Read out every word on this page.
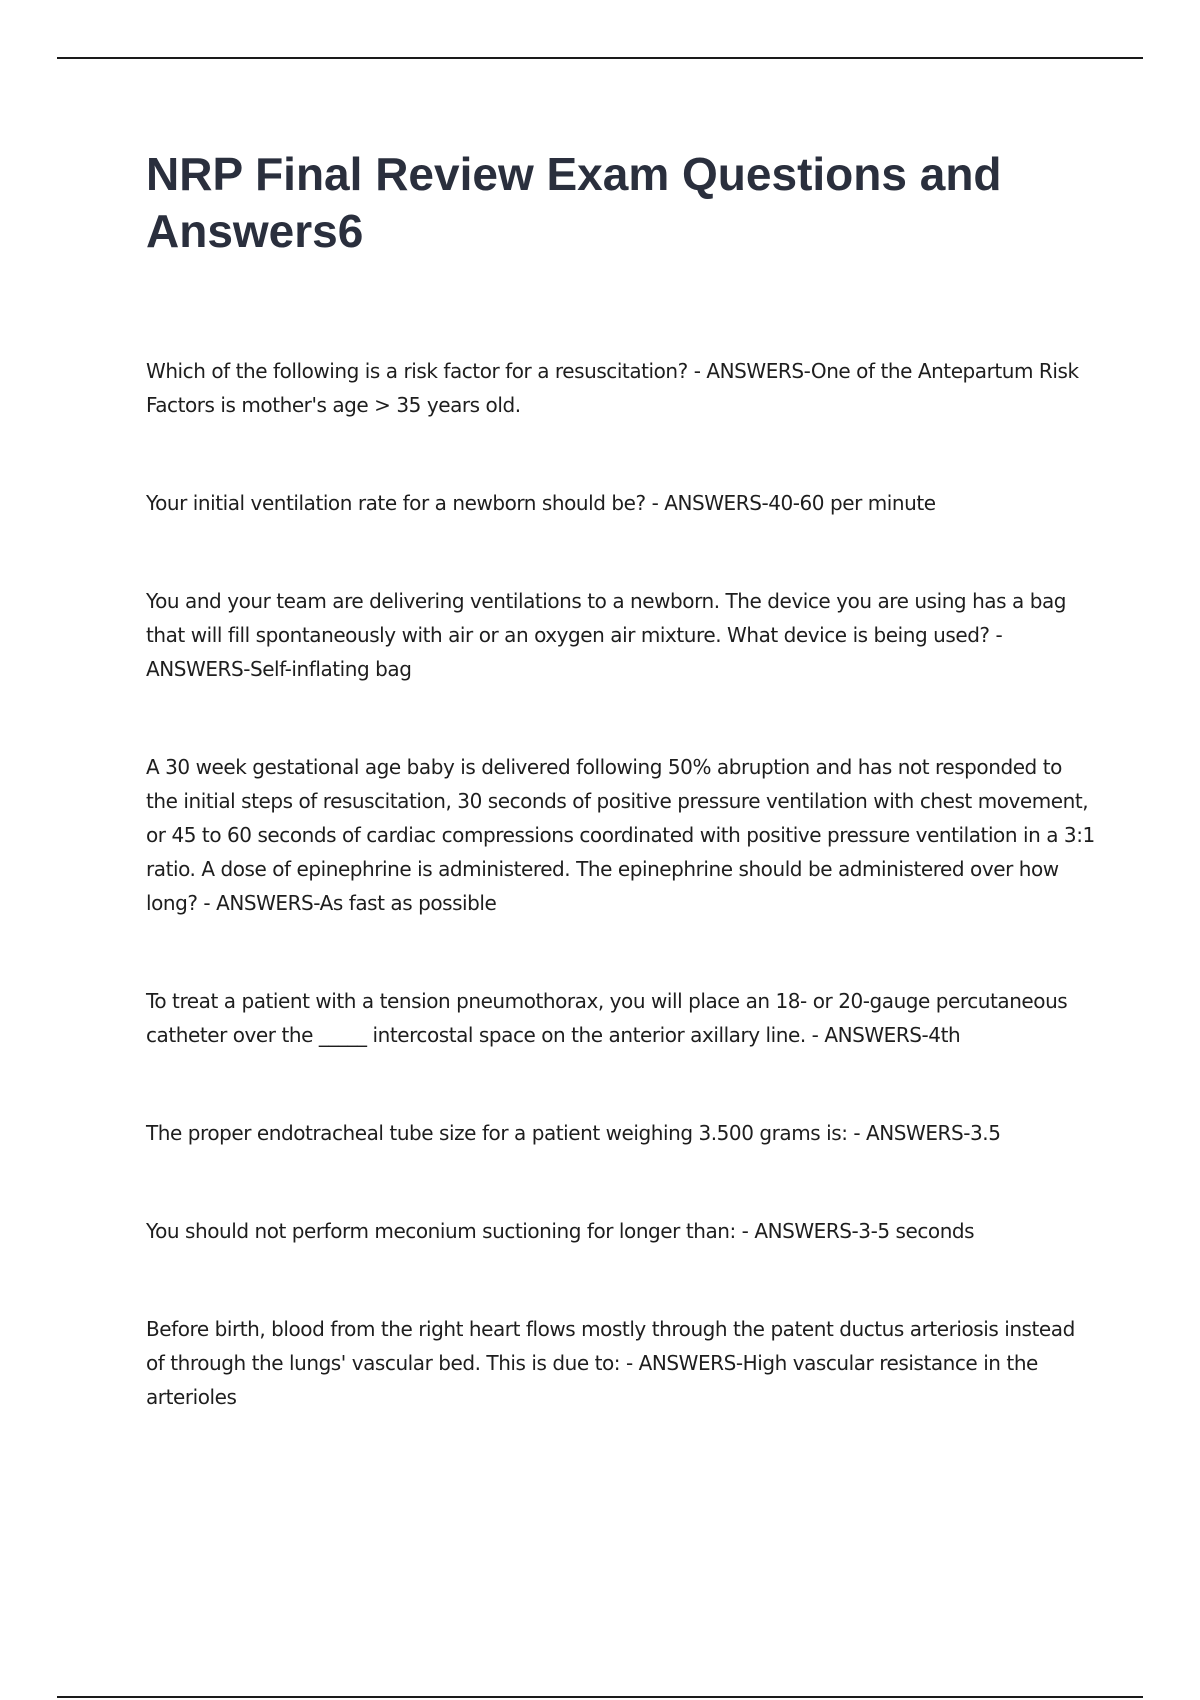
NRP Final Review Exam Questions and Answers6

Which of the following is a risk factor for a resuscitation? - ANSWERS-One of the Antepartum Risk Factors is mother's age > 35 years old.

Your initial ventilation rate for a newborn should be? - ANSWERS-40-60 per minute

You and your team are delivering ventilations to a newborn. The device you are using has a bag that will fill spontaneously with air or an oxygen air mixture. What device is being used? - ANSWERS-Self-inflating bag

A 30 week gestational age baby is delivered following 50% abruption and has not responded to the initial steps of resuscitation, 30 seconds of positive pressure ventilation with chest movement, or 45 to 60 seconds of cardiac compressions coordinated with positive pressure ventilation in a 3:1 ratio. A dose of epinephrine is administered. The epinephrine should be administered over how long? - ANSWERS-As fast as possible

To treat a patient with a tension pneumothorax, you will place an 18- or 20-gauge percutaneous catheter over the _____ intercostal space on the anterior axillary line. - ANSWERS-4th

The proper endotracheal tube size for a patient weighing 3.500 grams is: - ANSWERS-3.5

You should not perform meconium suctioning for longer than: - ANSWERS-3-5 seconds

Before birth, blood from the right heart flows mostly through the patent ductus arteriosis instead of through the lungs' vascular bed. This is due to: - ANSWERS-High vascular resistance in the arterioles
